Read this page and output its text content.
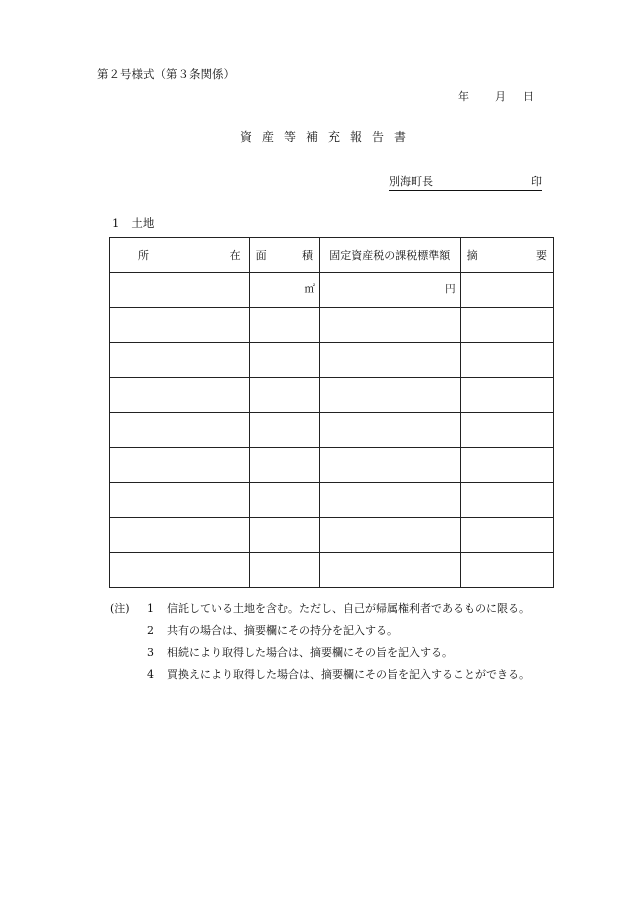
第２号様式（第３条関係）
年 月 日
資産等補充報告書
別海町長	印
1 土地
所 在	面 積	固定資産税の課税標準額	摘 要

	㎡	円	

(注)	1	信託している土地を含む。ただし、自己が帰属権利者であるものに限る。
2	共有の場合は、摘要欄にその持分を記入する。
3	相続により取得した場合は、摘要欄にその旨を記入する。
4	買換えにより取得した場合は、摘要欄にその旨を記入することができる。
